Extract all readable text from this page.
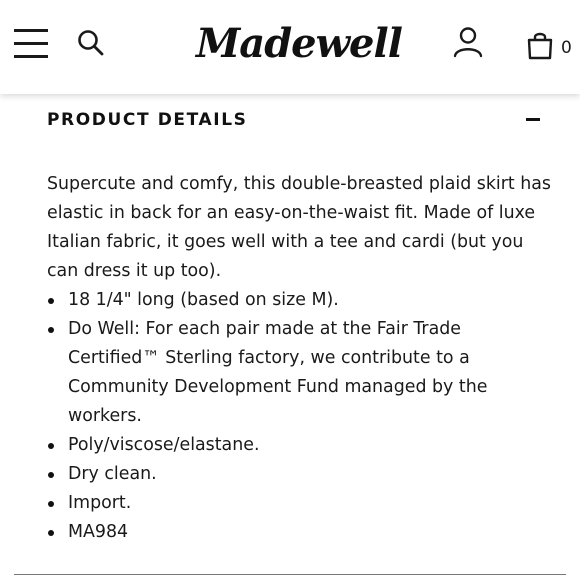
Madewell	0
PRODUCT DETAILS

Supercute and comfy, this double-breasted plaid skirt has elastic in back for an easy-on-the-waist fit. Made of luxe Italian fabric, it goes well with a tee and cardi (but you can dress it up too).

18 1/4" long (based on size M).
Do Well: For each pair made at the Fair Trade Certified™ Sterling factory, we contribute to a Community Development Fund managed by the workers.
Poly/viscose/elastane.
Dry clean.
Import.
MA984
